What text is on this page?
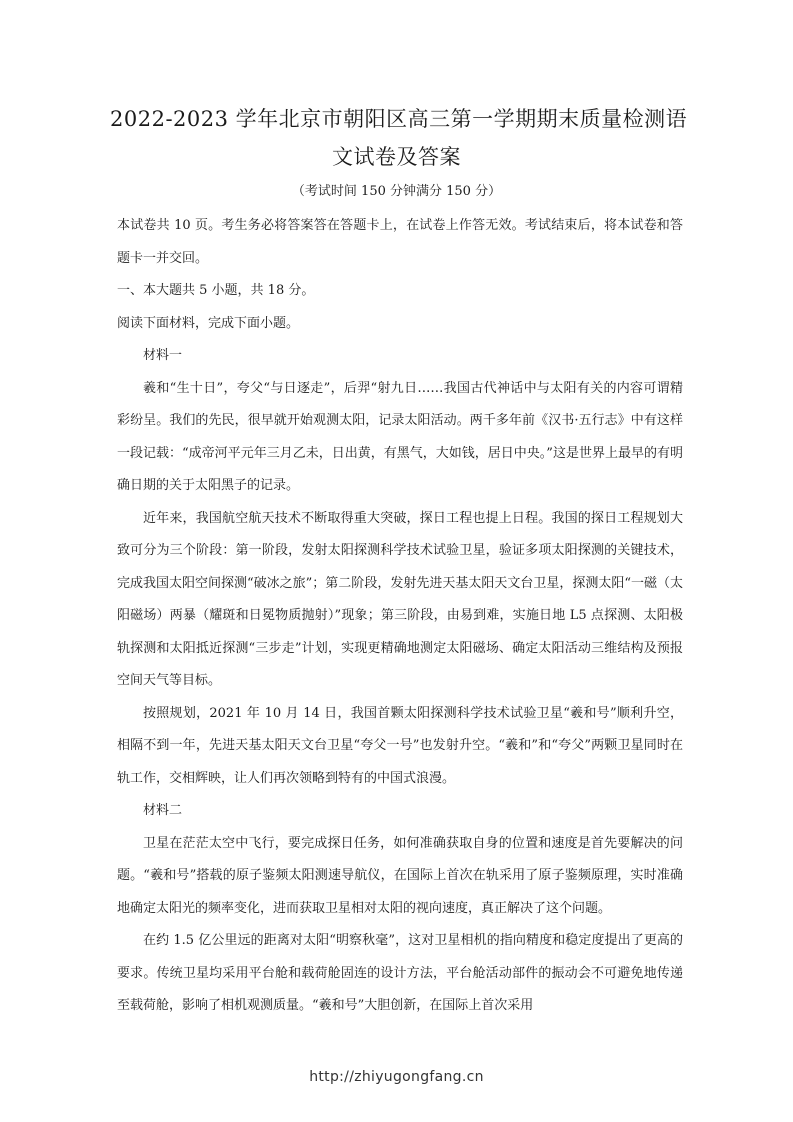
2022-2023 学年北京市朝阳区高三第一学期期末质量检测语
文试卷及答案
（考试时间 150 分钟满分 150 分）

本试卷共 10 页。考生务必将答案答在答题卡上，在试卷上作答无效。考试结束后，将本试卷和答题卡一并交回。

一、本大题共 5 小题，共 18 分。

阅读下面材料，完成下面小题。

材料一

羲和“生十日”，夸父“与日逐走”，后羿“射九日……我国古代神话中与太阳有关的内容可谓精彩纷呈。我们的先民，很早就开始观测太阳，记录太阳活动。两千多年前《汉书·五行志》中有这样一段记载：“成帝河平元年三月乙未，日出黄，有黑气，大如钱，居日中央。”这是世界上最早的有明确日期的关于太阳黑子的记录。

近年来，我国航空航天技术不断取得重大突破，探日工程也提上日程。我国的探日工程规划大致可分为三个阶段：第一阶段，发射太阳探测科学技术试验卫星，验证多项太阳探测的关键技术，完成我国太阳空间探测“破冰之旅”；第二阶段，发射先进天基太阳天文台卫星，探测太阳“一磁（太阳磁场）两暴（耀斑和日冕物质抛射）”现象；第三阶段，由易到难，实施日地 L5 点探测、太阳极轨探测和太阳抵近探测“三步走”计划，实现更精确地测定太阳磁场、确定太阳活动三维结构及预报空间天气等目标。

按照规划，2021 年 10 月 14 日，我国首颗太阳探测科学技术试验卫星“羲和号”顺利升空，相隔不到一年，先进天基太阳天文台卫星“夸父一号”也发射升空。“羲和”和“夸父”两颗卫星同时在轨工作，交相辉映，让人们再次领略到特有的中国式浪漫。

材料二

卫星在茫茫太空中飞行，要完成探日任务，如何准确获取自身的位置和速度是首先要解决的问题。“羲和号”搭载的原子鉴频太阳测速导航仪，在国际上首次在轨采用了原子鉴频原理，实时准确地确定太阳光的频率变化，进而获取卫星相对太阳的视向速度，真正解决了这个问题。

在约 1.5 亿公里远的距离对太阳“明察秋毫”，这对卫星相机的指向精度和稳定度提出了更高的要求。传统卫星均采用平台舱和载荷舱固连的设计方法，平台舱活动部件的振动会不可避免地传递至载荷舱，影响了相机观测质量。“羲和号”大胆创新，在国际上首次采用

http://zhiyugongfang.cn
